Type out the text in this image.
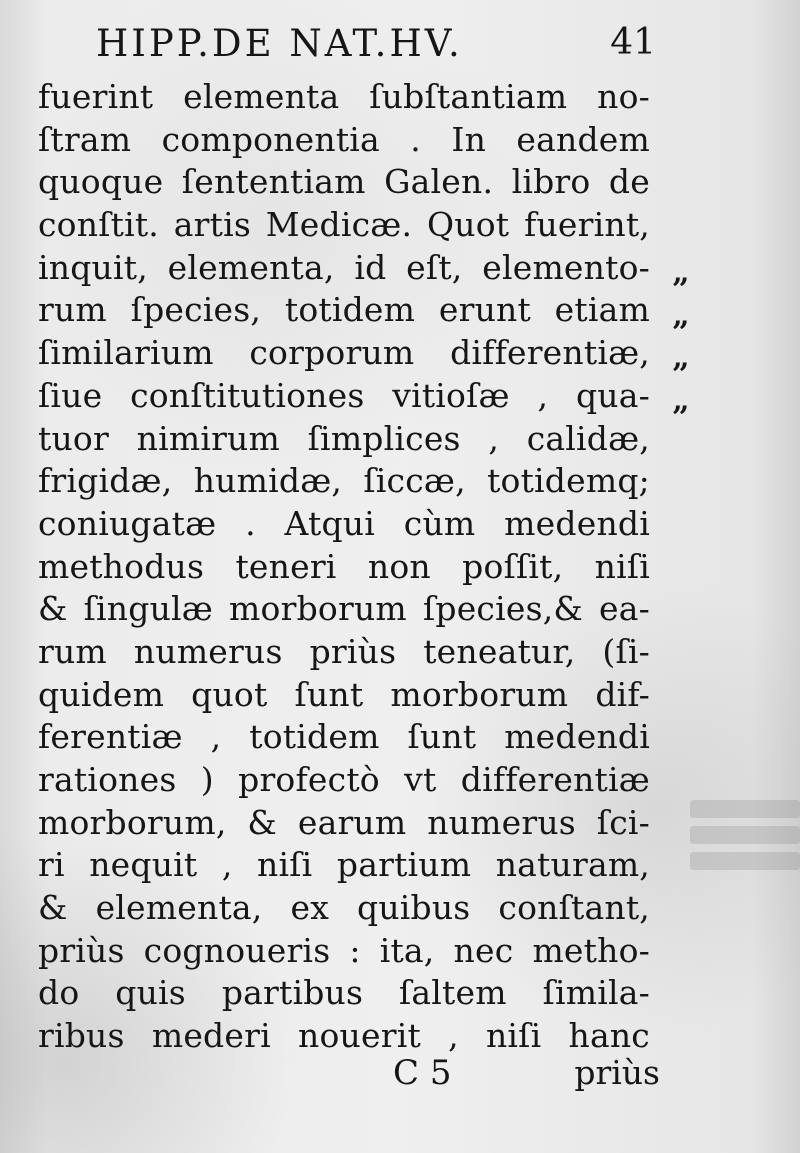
HIPP.DE NAT.HV.	41
fuerint elementa ſubſtantiam no-
ſtram componentia . In eandem
quoque ſententiam Galen. libro de
conſtit. artis Medicæ. Quot fuerint,
inquit, elementa, id eſt, elemento-
rum ſpecies, totidem erunt etiam
ſimilarium corporum differentiæ,
ſiue conſtitutiones vitioſæ , qua-
tuor nimirum ſimplices , calidæ,
frigidæ, humidæ, ſiccæ, totidemq;
coniugatæ . Atqui cùm medendi
methodus teneri non poſſit, niſi
& ſingulæ morborum ſpecies,& ea-
rum numerus priùs teneatur, (ſi-
quidem quot ſunt morborum dif-
ferentiæ , totidem ſunt medendi
rationes ) profectò vt differentiæ
morborum, & earum numerus ſci-
ri nequit , niſi partium naturam,
& elementa, ex quibus conſtant,
priùs cognoueris : ita, nec metho-
do quis partibus ſaltem ſimila-
ribus mederi nouerit , niſi hanc
„
„
„
„
C 5	priùs
